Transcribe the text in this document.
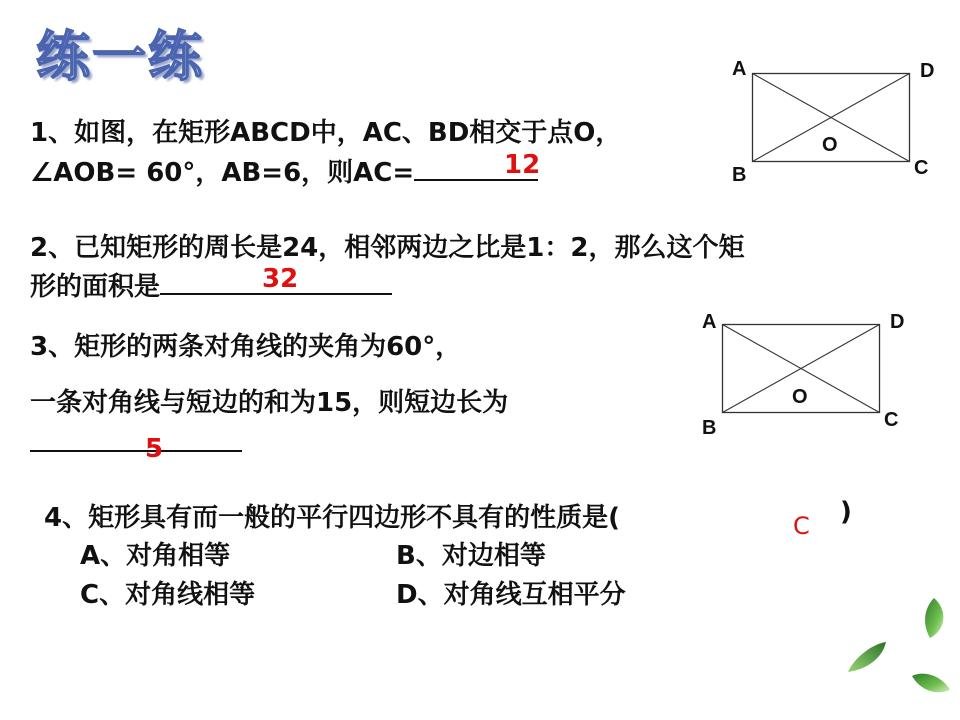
练一练
1、如图，在矩形ABCD中，AC、BD相交于点O，
∠AOB= 60°，AB=6，则AC=	12
A	D
B	C
O
2、已知矩形的周长是24，相邻两边之比是1：2，那么这个矩
形的面积是	32
3、矩形的两条对角线的夹角为60°，
一条对角线与短边的和为15，则短边长为
5
A	D
B	C
O
4、矩形具有而一般的平行四边形不具有的性质是(	)
C
A、对角相等	B、对边相等
C、对角线相等	D、对角线互相平分
